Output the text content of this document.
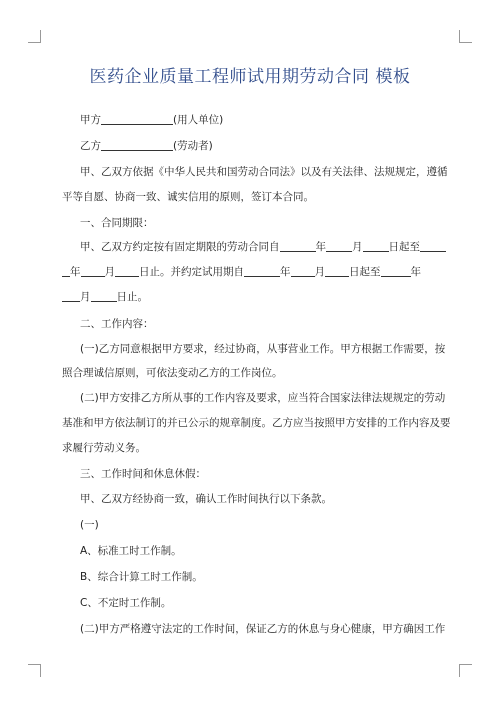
医药企业质量工程师试用期劳动合同 模板
甲方	(用人单位)
乙方	(劳动者)
甲、乙双方依据《中华人民共和国劳动合同法》以及有关法律、法规规定，遵循
平等自愿、协商一致、诚实信用的原则，签订本合同。
一、合同期限：
甲、乙双方约定按有固定期限的劳动合同自	年 月 日起至
年 月 日止。并约定试用期自	年 月 日起至	年
月 日止。
二、工作内容：
(一)乙方同意根据甲方要求，经过协商，从事营业工作。甲方根据工作需要，按
照合理诚信原则，可依法变动乙方的工作岗位。
(二)甲方安排乙方所从事的工作内容及要求，应当符合国家法律法规规定的劳动
基准和甲方依法制订的并已公示的规章制度。乙方应当按照甲方安排的工作内容及要
求履行劳动义务。
三、工作时间和休息休假：
甲、乙双方经协商一致，确认工作时间执行以下条款。
(一)
A、标准工时工作制。
B、综合计算工时工作制。
C、不定时工作制。
(二)甲方严格遵守法定的工作时间，保证乙方的休息与身心健康，甲方确因工作
